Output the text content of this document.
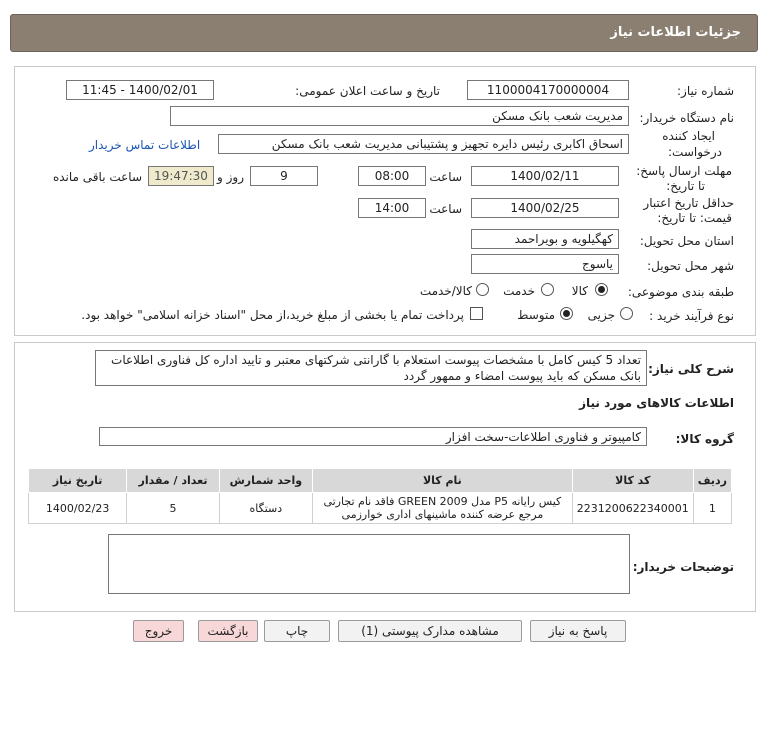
جزئیات اطلاعات نیاز
شماره نیاز:
1100004170000004
تاریخ و ساعت اعلان عمومی:
1400/02/01 - 11:45
نام دستگاه خریدار:
مدیریت شعب بانک مسکن
ایجاد کننده
درخواست:
اسحاق اکابری رئیس دایره تجهیز و پشتیبانی مدیریت شعب بانک مسکن
اطلاعات تماس خریدار
مهلت ارسال پاسخ:
تا تاریخ:
1400/02/11
ساعت
08:00
9
روز و
19:47:30
ساعت باقی مانده
حداقل تاریخ اعتبار
قیمت: تا تاریخ:
1400/02/25
ساعت
14:00
استان محل تحویل:
کهگیلویه و بویراحمد
شهر محل تحویل:
یاسوج
طبقه بندی موضوعی:
کالا
خدمت
کالا/خدمت
نوع فرآیند خرید :
جزیی
متوسط
پرداخت تمام یا بخشی از مبلغ خرید،از محل "اسناد خزانه اسلامی" خواهد بود.
شرح کلی نیاز:
تعداد 5 کیس کامل با مشخصات پیوست استعلام با گارانتی شرکتهای معتبر و تایید اداره کل فناوری اطلاعات بانک مسکن که باید پیوست امضاء و ممهور گردد
اطلاعات کالاهای مورد نیاز
گروه کالا:
کامپیوتر و فناوری اطلاعات-سخت افزار
ردیف	کد کالا	نام کالا	واحد شمارش	تعداد / مقدار	تاریخ نیاز
1	2231200622340001	کیس رایانه P5 مدل GREEN 2009 فاقد نام تجارتی مرجع عرضه کننده ماشینهای اداری خوارزمی	دستگاه	5	1400/02/23
توضیحات خریدار:
پاسخ به نیاز
مشاهده مدارک پیوستی (1)
چاپ
بازگشت
خروج
